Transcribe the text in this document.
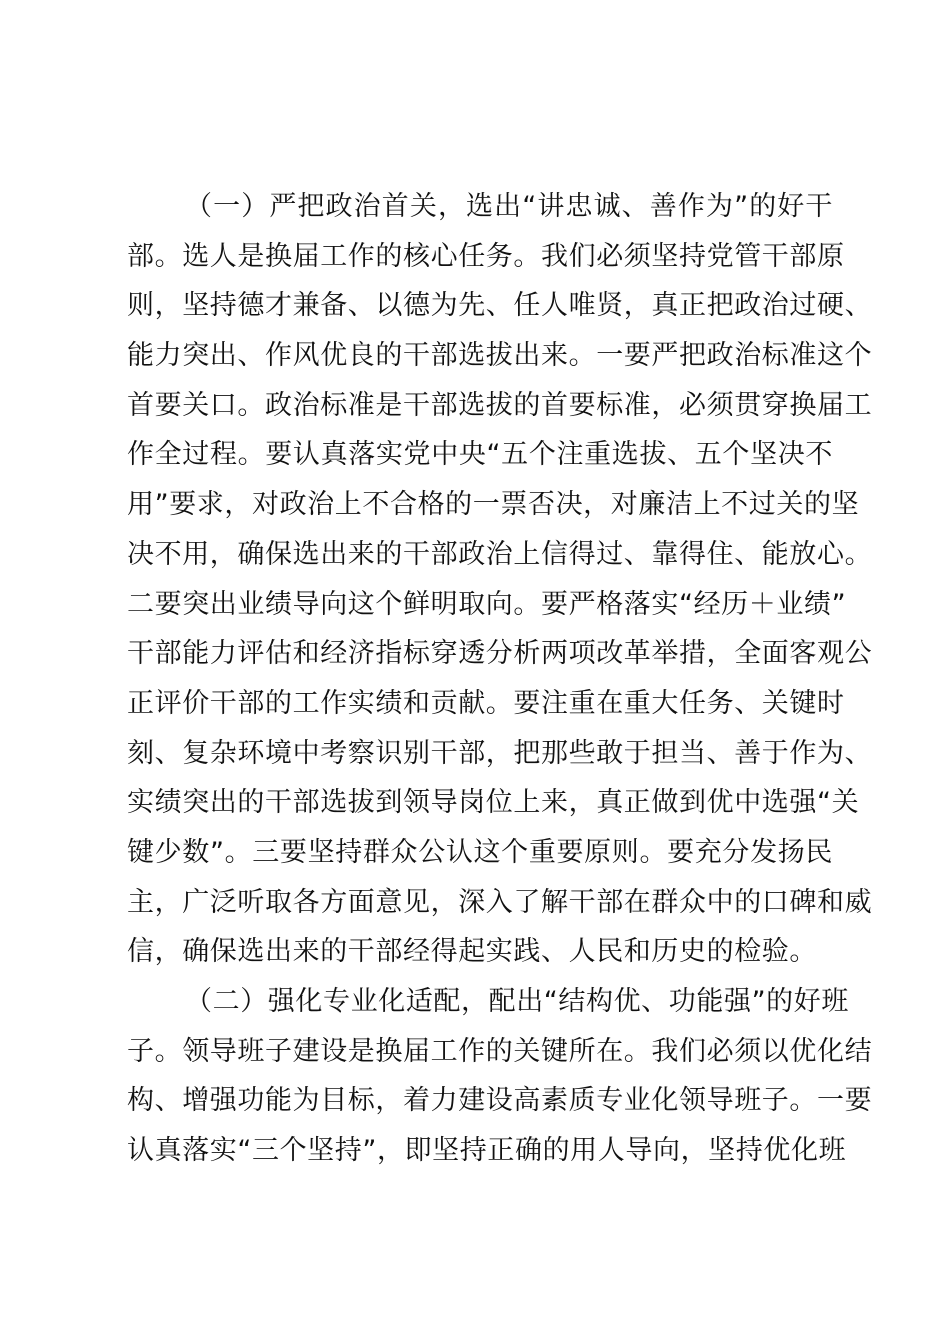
（一）严把政治首关，选出“讲忠诚、善作为”的好干
部。选人是换届工作的核心任务。我们必须坚持党管干部原
则，坚持德才兼备、以德为先、任人唯贤，真正把政治过硬、
能力突出、作风优良的干部选拔出来。一要严把政治标准这个
首要关口。政治标准是干部选拔的首要标准，必须贯穿换届工
作全过程。要认真落实党中央“五个注重选拔、五个坚决不
用”要求，对政治上不合格的一票否决，对廉洁上不过关的坚
决不用，确保选出来的干部政治上信得过、靠得住、能放心。
二要突出业绩导向这个鲜明取向。要严格落实“经历＋业绩”
干部能力评估和经济指标穿透分析两项改革举措，全面客观公
正评价干部的工作实绩和贡献。要注重在重大任务、关键时
刻、复杂环境中考察识别干部，把那些敢于担当、善于作为、
实绩突出的干部选拔到领导岗位上来，真正做到优中选强“关
键少数”。三要坚持群众公认这个重要原则。要充分发扬民
主，广泛听取各方面意见，深入了解干部在群众中的口碑和威
信，确保选出来的干部经得起实践、人民和历史的检验。
（二）强化专业化适配，配出“结构优、功能强”的好班
子。领导班子建设是换届工作的关键所在。我们必须以优化结
构、增强功能为目标，着力建设高素质专业化领导班子。一要
认真落实“三个坚持”，即坚持正确的用人导向，坚持优化班
